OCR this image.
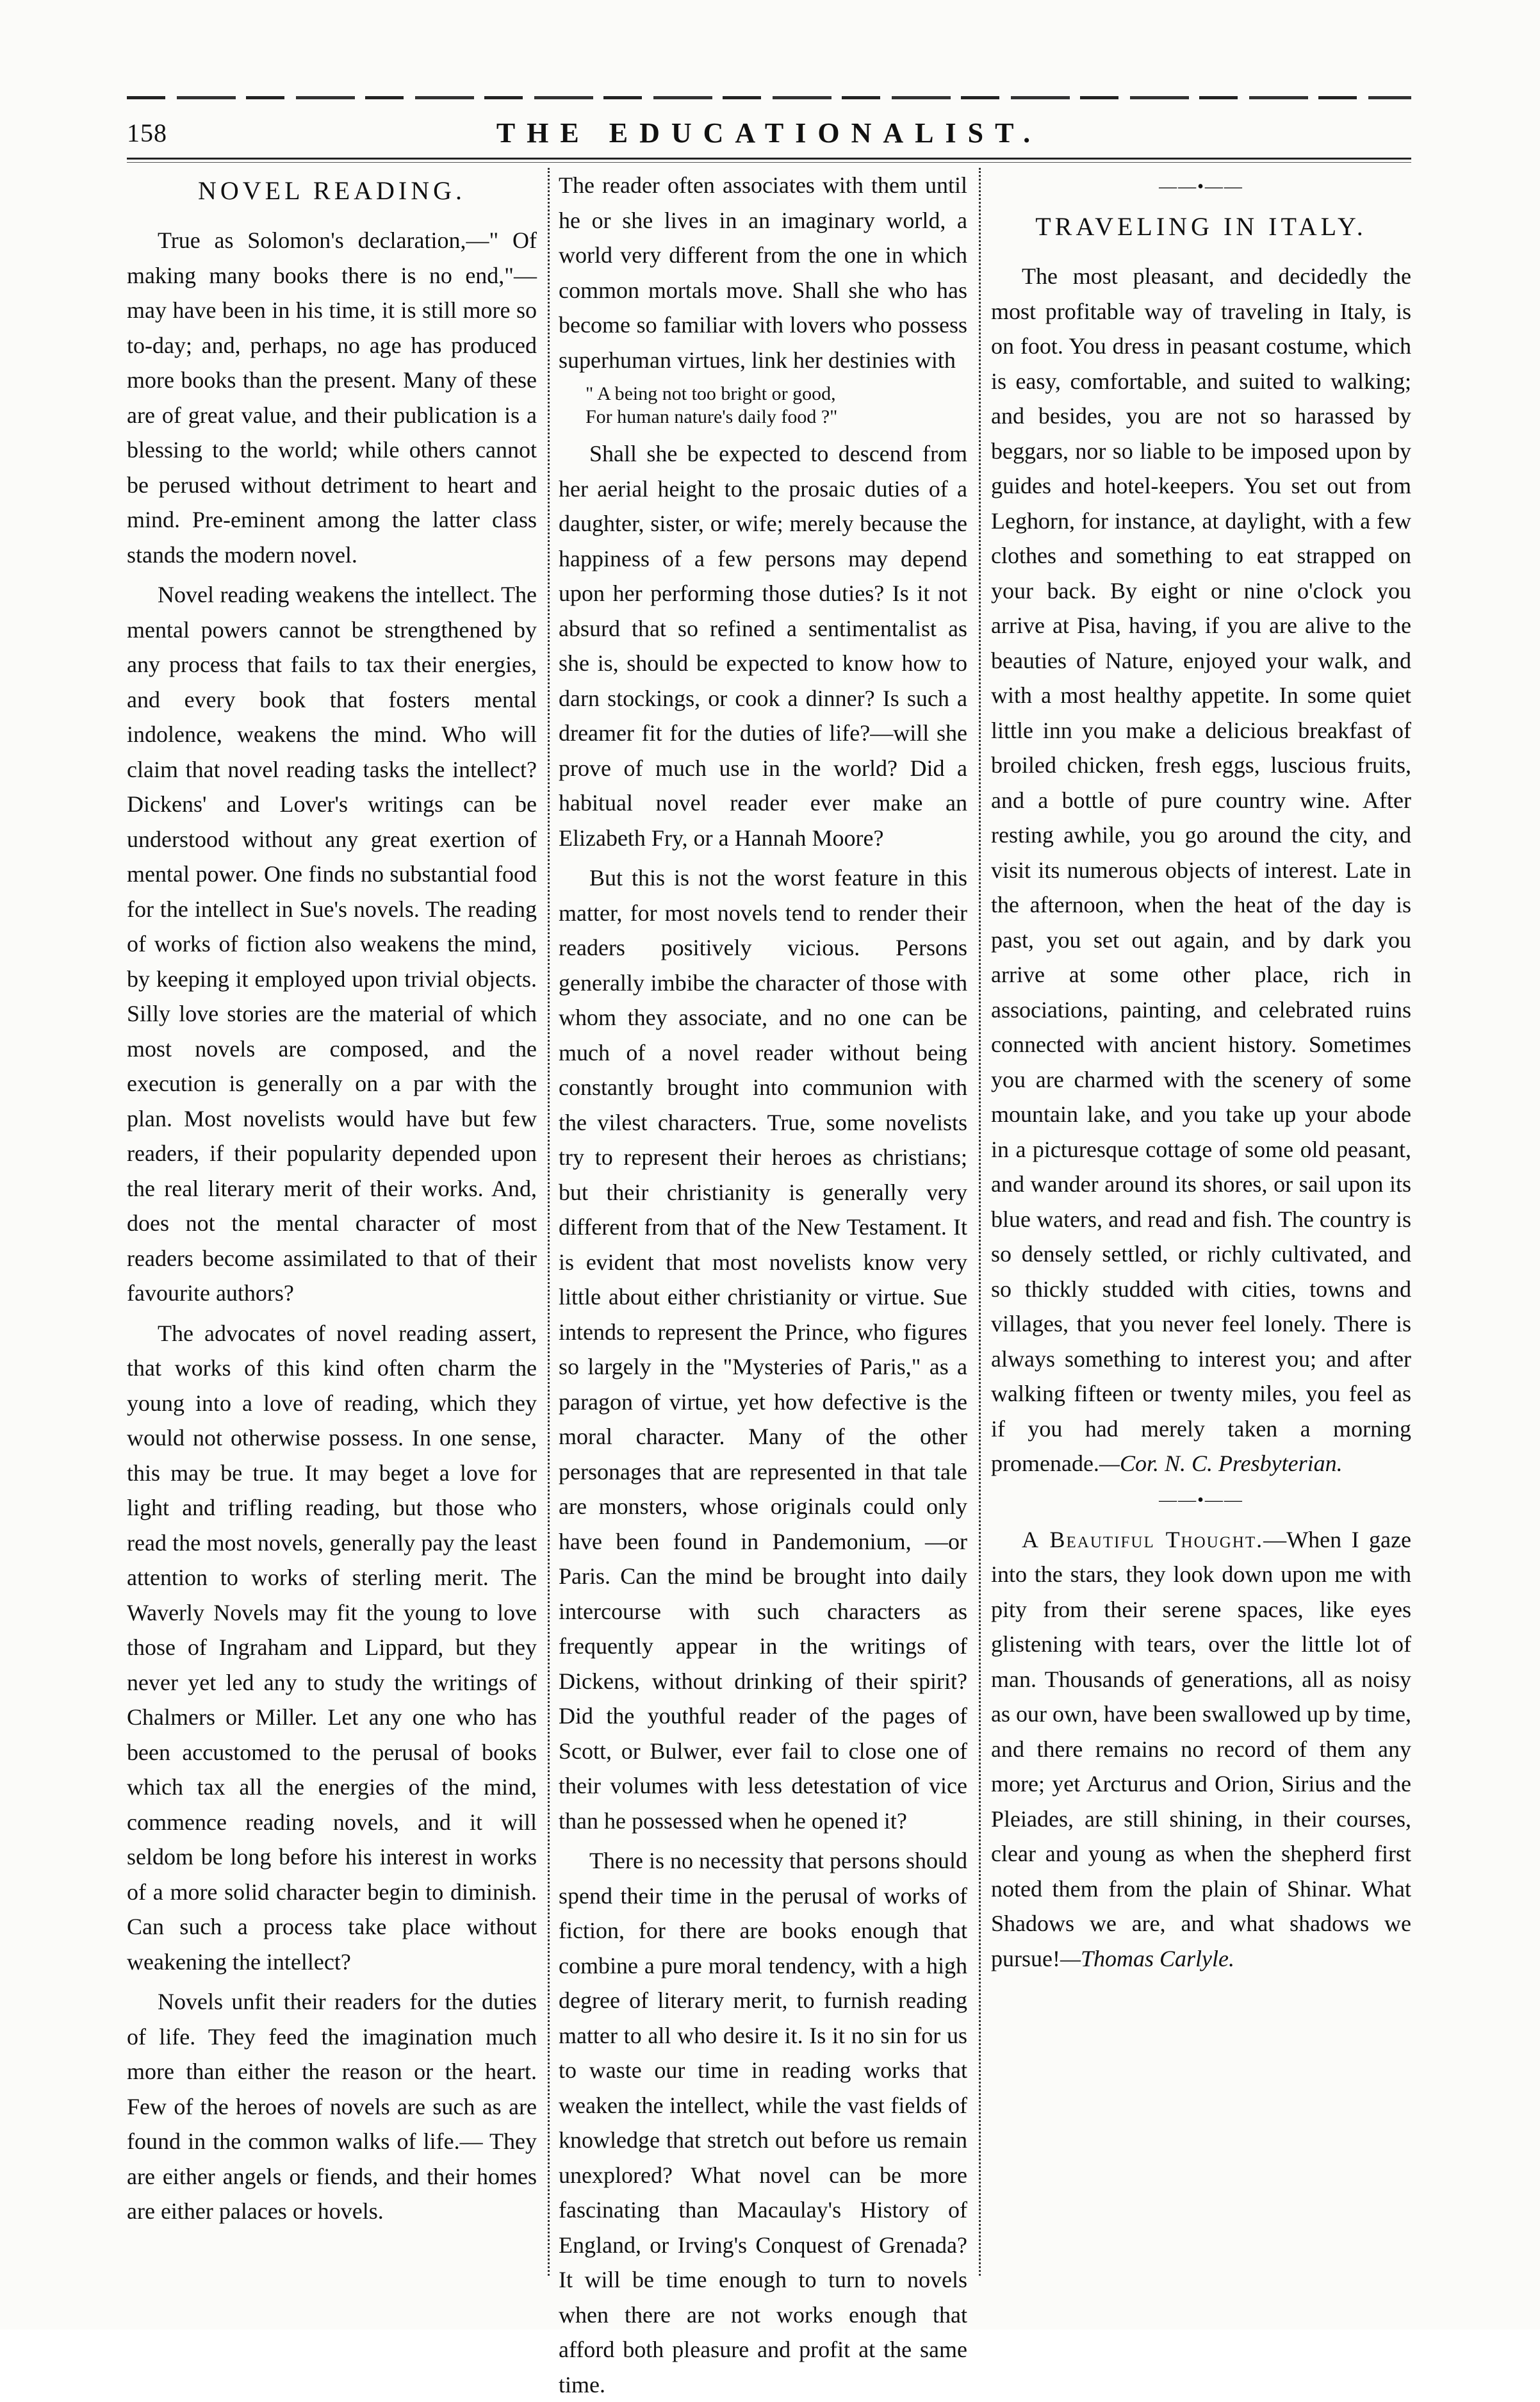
158	THE EDUCATIONALIST.
NOVEL READING.

True as Solomon's declaration,—" Of making many books there is no end,"— may have been in his time, it is still more so to-day; and, perhaps, no age has produced more books than the present. Many of these are of great value, and their publication is a blessing to the world; while others cannot be perused without detriment to heart and mind. Pre-eminent among the latter class stands the modern novel.

Novel reading weakens the intellect. The mental powers cannot be strengthened by any process that fails to tax their energies, and every book that fosters mental indolence, weakens the mind. Who will claim that novel reading tasks the intellect? Dickens' and Lover's writings can be understood without any great exertion of mental power. One finds no substantial food for the intellect in Sue's novels. The reading of works of fiction also weakens the mind, by keeping it employed upon trivial objects. Silly love stories are the material of which most novels are composed, and the execution is generally on a par with the plan. Most novelists would have but few readers, if their popularity depended upon the real literary merit of their works. And, does not the mental character of most readers become assimilated to that of their favourite authors?

The advocates of novel reading assert, that works of this kind often charm the young into a love of reading, which they would not otherwise possess. In one sense, this may be true. It may beget a love for light and trifling reading, but those who read the most novels, generally pay the least attention to works of sterling merit. The Waverly Novels may fit the young to love those of Ingraham and Lippard, but they never yet led any to study the writings of Chalmers or Miller. Let any one who has been accustomed to the perusal of books which tax all the energies of the mind, commence reading novels, and it will seldom be long before his interest in works of a more solid character begin to diminish. Can such a process take place without weakening the intellect?

Novels unfit their readers for the duties of life. They feed the imagination much more than either the reason or the heart. Few of the heroes of novels are such as are found in the common walks of life.— They are either angels or fiends, and their homes are either palaces or hovels.

The reader often associates with them until he or she lives in an imaginary world, a world very different from the one in which common mortals move. Shall she who has become so familiar with lovers who possess superhuman virtues, link her destinies with

" A being not too bright or good,
For human nature's daily food ?"

Shall she be expected to descend from her aerial height to the prosaic duties of a daughter, sister, or wife; merely because the happiness of a few persons may depend upon her performing those duties? Is it not absurd that so refined a sentimentalist as she is, should be expected to know how to darn stockings, or cook a dinner? Is such a dreamer fit for the duties of life?—will she prove of much use in the world? Did a habitual novel reader ever make an Elizabeth Fry, or a Hannah Moore?

But this is not the worst feature in this matter, for most novels tend to render their readers positively vicious. Persons generally imbibe the character of those with whom they associate, and no one can be much of a novel reader without being constantly brought into communion with the vilest characters. True, some novelists try to represent their heroes as christians; but their christianity is generally very different from that of the New Testament. It is evident that most novelists know very little about either christianity or virtue. Sue intends to represent the Prince, who figures so largely in the "Mysteries of Paris," as a paragon of virtue, yet how defective is the moral character. Many of the other personages that are represented in that tale are monsters, whose originals could only have been found in Pandemonium, —or Paris. Can the mind be brought into daily intercourse with such characters as frequently appear in the writings of Dickens, without drinking of their spirit? Did the youthful reader of the pages of Scott, or Bulwer, ever fail to close one of their volumes with less detestation of vice than he possessed when he opened it?

There is no necessity that persons should spend their time in the perusal of works of fiction, for there are books enough that combine a pure moral tendency, with a high degree of literary merit, to furnish reading matter to all who desire it. Is it no sin for us to waste our time in reading works that weaken the intellect, while the vast fields of knowledge that stretch out before us remain unexplored? What novel can be more fascinating than Macaulay's History of England, or Irving's Conquest of Grenada? It will be time enough to turn to novels when there are not works enough that afford both pleasure and profit at the same time.

——•——
TRAVELING IN ITALY.

The most pleasant, and decidedly the most profitable way of traveling in Italy, is on foot. You dress in peasant costume, which is easy, comfortable, and suited to walking; and besides, you are not so harassed by beggars, nor so liable to be imposed upon by guides and hotel-keepers. You set out from Leghorn, for instance, at daylight, with a few clothes and something to eat strapped on your back. By eight or nine o'clock you arrive at Pisa, having, if you are alive to the beauties of Nature, enjoyed your walk, and with a most healthy appetite. In some quiet little inn you make a delicious breakfast of broiled chicken, fresh eggs, luscious fruits, and a bottle of pure country wine. After resting awhile, you go around the city, and visit its numerous objects of interest. Late in the afternoon, when the heat of the day is past, you set out again, and by dark you arrive at some other place, rich in associations, painting, and celebrated ruins connected with ancient history. Sometimes you are charmed with the scenery of some mountain lake, and you take up your abode in a picturesque cottage of some old peasant, and wander around its shores, or sail upon its blue waters, and read and fish. The country is so densely settled, or richly cultivated, and so thickly studded with cities, towns and villages, that you never feel lonely. There is always something to interest you; and after walking fifteen or twenty miles, you feel as if you had merely taken a morning promenade.—Cor. N. C. Presbyterian.

——•——

A Beautiful Thought.—When I gaze into the stars, they look down upon me with pity from their serene spaces, like eyes glistening with tears, over the little lot of man. Thousands of generations, all as noisy as our own, have been swallowed up by time, and there remains no record of them any more; yet Arcturus and Orion, Sirius and the Pleiades, are still shining, in their courses, clear and young as when the shepherd first noted them from the plain of Shinar. What Shadows we are, and what shadows we pursue!—Thomas Carlyle.
